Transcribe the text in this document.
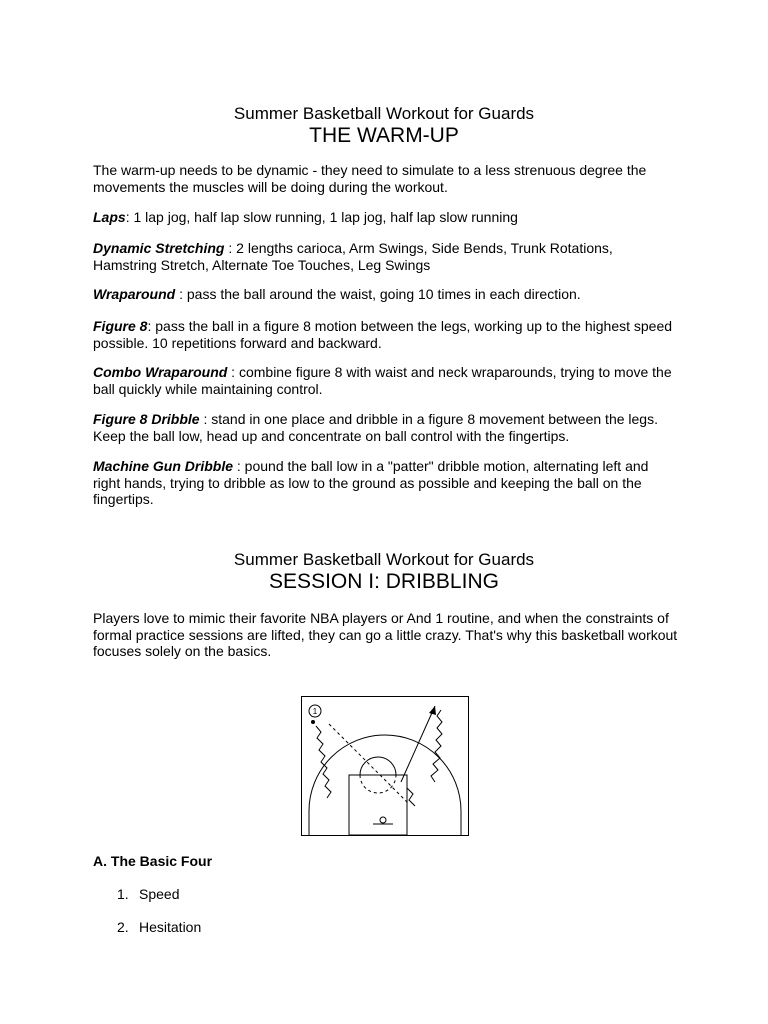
Summer Basketball Workout for Guards
THE WARM-UP

The warm-up needs to be dynamic - they need to simulate to a less strenuous degree the movements the muscles will be doing during the workout.

Laps: 1 lap jog, half lap slow running, 1 lap jog, half lap slow running

Dynamic Stretching : 2 lengths carioca, Arm Swings, Side Bends, Trunk Rotations, Hamstring Stretch, Alternate Toe Touches, Leg Swings

Wraparound : pass the ball around the waist, going 10 times in each direction.

Figure 8: pass the ball in a figure 8 motion between the legs, working up to the highest speed possible. 10 repetitions forward and backward.

Combo Wraparound : combine figure 8 with waist and neck wraparounds, trying to move the ball quickly while maintaining control.

Figure 8 Dribble : stand in one place and dribble in a figure 8 movement between the legs. Keep the ball low, head up and concentrate on ball control with the fingertips.

Machine Gun Dribble : pound the ball low in a "patter" dribble motion, alternating left and right hands, trying to dribble as low to the ground as possible and keeping the ball on the fingertips.

Summer Basketball Workout for Guards
SESSION I: DRIBBLING

Players love to mimic their favorite NBA players or And 1 routine, and when the constraints of formal practice sessions are lifted, they can go a little crazy. That's why this basketball workout focuses solely on the basics.

1
A. The Basic Four
1. Speed
2. Hesitation
